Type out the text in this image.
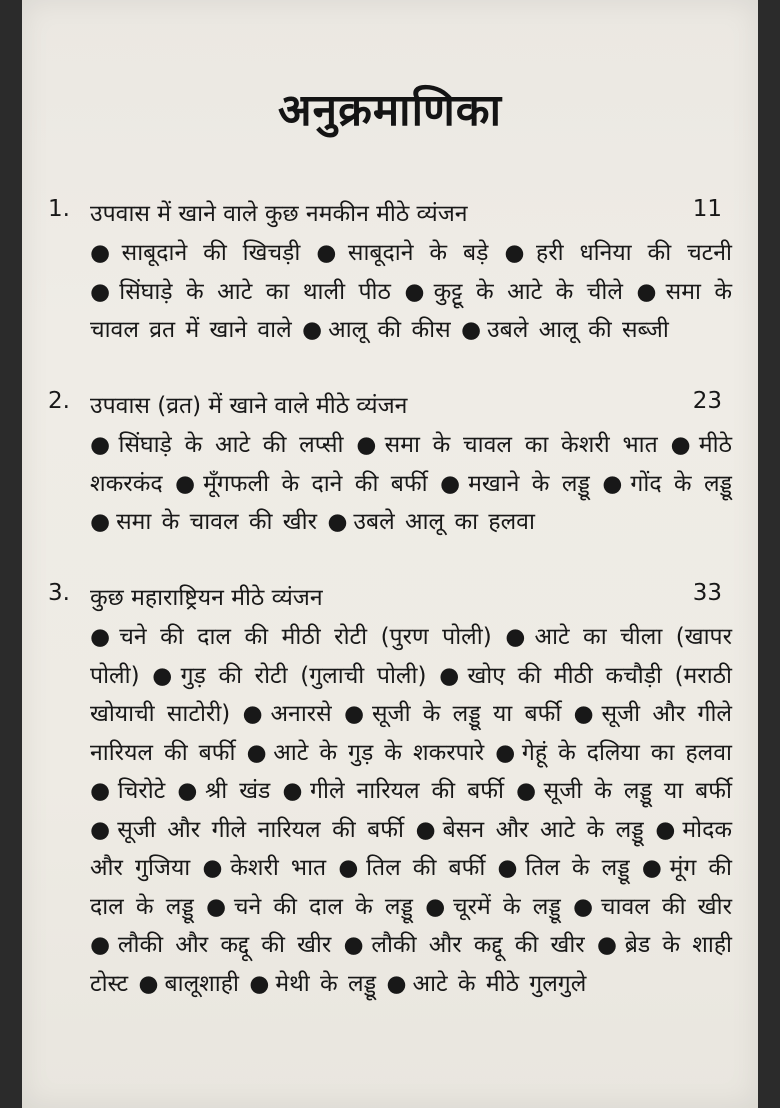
अनुक्रमाणिका
1. उपवास में खाने वाले कुछ नमकीन मीठे व्यंजन	11
● साबूदाने की खिचड़ी ● साबूदाने के बड़े ● हरी धनिया की चटनी ● सिंघाड़े के आटे का थाली पीठ ● कुट्टू के आटे के चीले ● समा के चावल व्रत में खाने वाले ● आलू की कीस ● उबले आलू की सब्जी
2. उपवास (व्रत) में खाने वाले मीठे व्यंजन	23
● सिंघाड़े के आटे की लप्सी ● समा के चावल का केशरी भात ● मीठे शकरकंद ● मूँगफली के दाने की बर्फी ● मखाने के लड्डू ● गोंद के लड्डू ● समा के चावल की खीर ● उबले आलू का हलवा
3. कुछ महाराष्ट्रियन मीठे व्यंजन	33
● चने की दाल की मीठी रोटी (पुरण पोली) ● आटे का चीला (खापर पोली) ● गुड़ की रोटी (गुलाची पोली) ● खोए की मीठी कचौड़ी (मराठी खोयाची साटोरी) ● अनारसे ● सूजी के लड्डू या बर्फी ● सूजी और गीले नारियल की बर्फी ● आटे के गुड़ के शकरपारे ● गेहूं के दलिया का हलवा ● चिरोटे ● श्री खंड ● गीले नारियल की बर्फी ● सूजी के लड्डू या बर्फी ● सूजी और गीले नारियल की बर्फी ● बेसन और आटे के लड्डू ● मोदक और गुजिया ● केशरी भात ● तिल की बर्फी ● तिल के लड्डू ● मूंग की दाल के लड्डू ● चने की दाल के लड्डू ● चूरमें के लड्डू ● चावल की खीर ● लौकी और कद्दू की खीर ● लौकी और कद्दू की खीर ● ब्रेड के शाही टोस्ट ● बालूशाही ● मेथी के लड्डू ● आटे के मीठे गुलगुले
